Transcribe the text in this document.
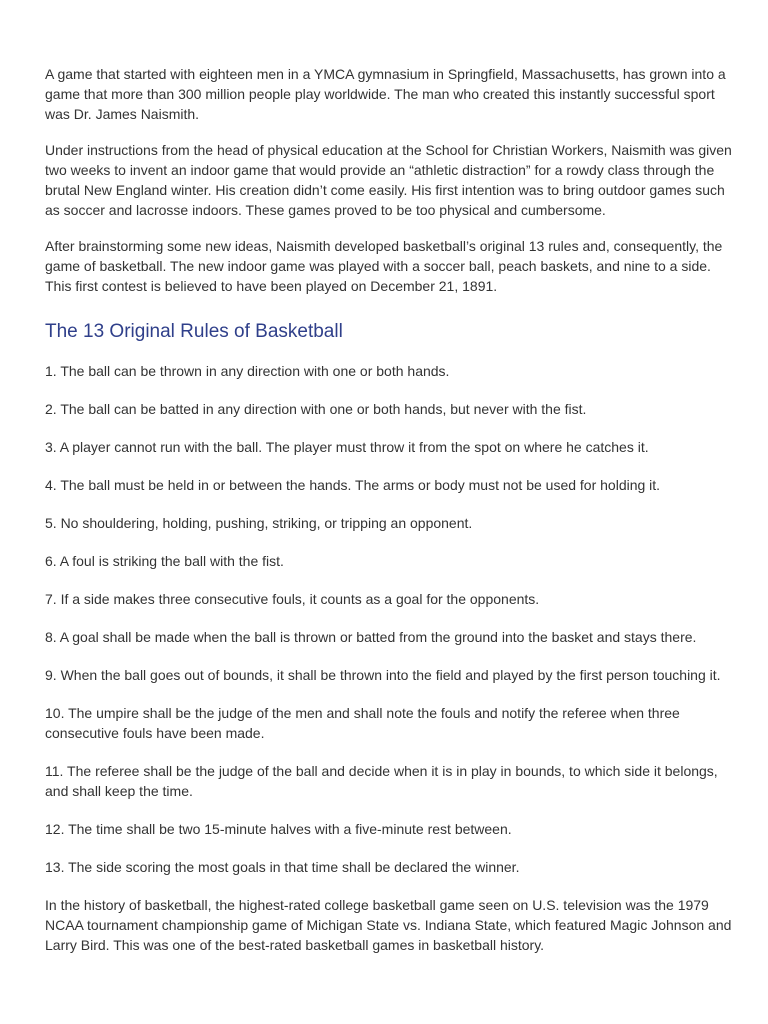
A game that started with eighteen men in a YMCA gymnasium in Springfield, Massachusetts, has grown into a game that more than 300 million people play worldwide. The man who created this instantly successful sport was Dr. James Naismith.

Under instructions from the head of physical education at the School for Christian Workers, Naismith was given two weeks to invent an indoor game that would provide an “athletic distraction” for a rowdy class through the brutal New England winter. His creation didn’t come easily. His first intention was to bring outdoor games such as soccer and lacrosse indoors. These games proved to be too physical and cumbersome.

After brainstorming some new ideas, Naismith developed basketball’s original 13 rules and, consequently, the game of basketball. The new indoor game was played with a soccer ball, peach baskets, and nine to a side. This first contest is believed to have been played on December 21, 1891.

The 13 Original Rules of Basketball
1. The ball can be thrown in any direction with one or both hands.
2. The ball can be batted in any direction with one or both hands, but never with the fist.
3. A player cannot run with the ball. The player must throw it from the spot on where he catches it.
4. The ball must be held in or between the hands. The arms or body must not be used for holding it.
5. No shouldering, holding, pushing, striking, or tripping an opponent.
6. A foul is striking the ball with the fist.
7. If a side makes three consecutive fouls, it counts as a goal for the opponents.
8. A goal shall be made when the ball is thrown or batted from the ground into the basket and stays there.
9. When the ball goes out of bounds, it shall be thrown into the field and played by the first person touching it.
10. The umpire shall be the judge of the men and shall note the fouls and notify the referee when three consecutive fouls have been made.
11. The referee shall be the judge of the ball and decide when it is in play in bounds, to which side it belongs, and shall keep the time.
12. The time shall be two 15-minute halves with a five-minute rest between.
13. The side scoring the most goals in that time shall be declared the winner.

In the history of basketball, the highest-rated college basketball game seen on U.S. television was the 1979 NCAA tournament championship game of Michigan State vs. Indiana State, which featured Magic Johnson and Larry Bird. This was one of the best-rated basketball games in basketball history.
